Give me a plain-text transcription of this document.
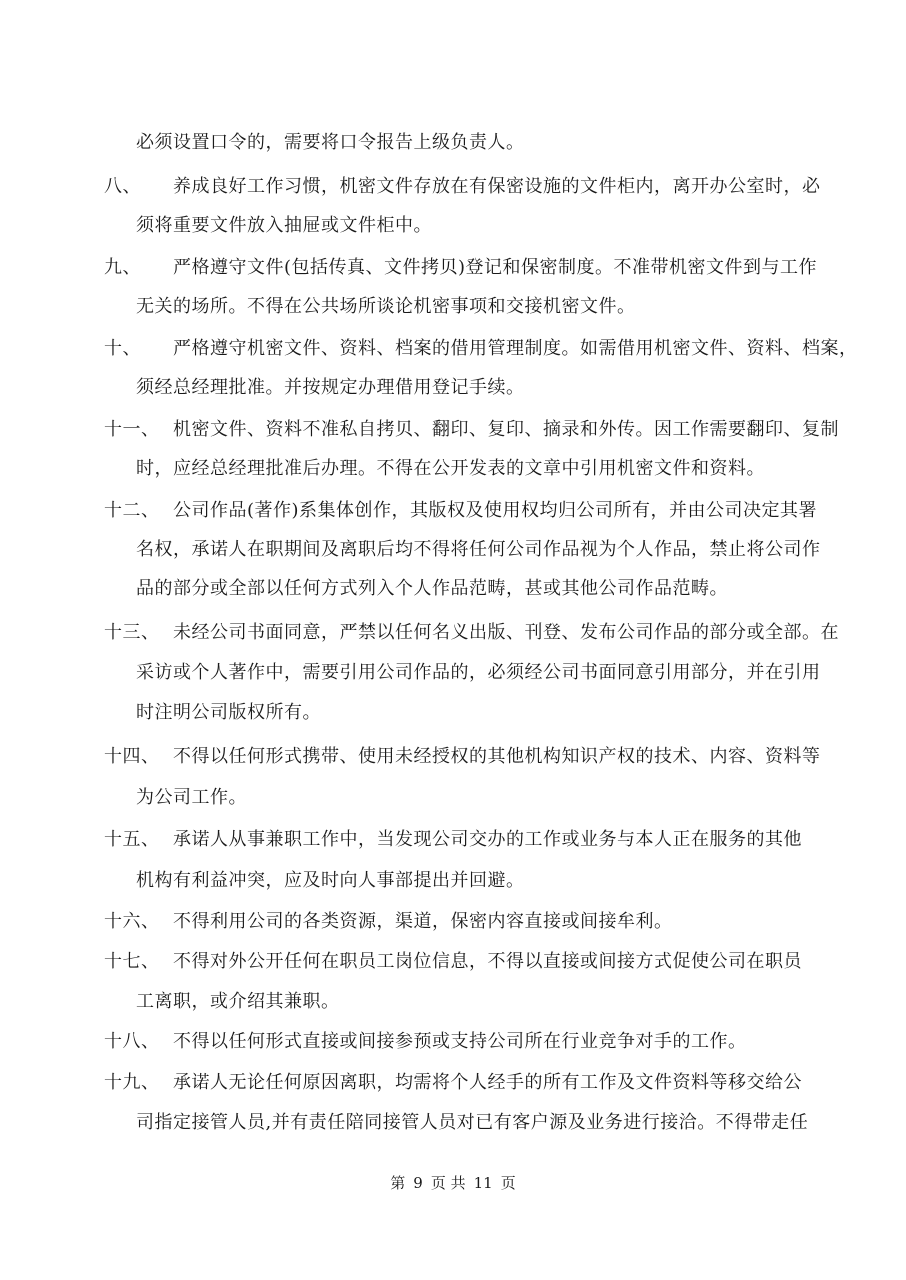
必须设置口令的，需要将口令报告上级负责人。
八、 养成良好工作习惯，机密文件存放在有保密设施的文件柜内，离开办公室时，必
须将重要文件放入抽屉或文件柜中。
九、 严格遵守文件(包括传真、文件拷贝)登记和保密制度。不准带机密文件到与工作
无关的场所。不得在公共场所谈论机密事项和交接机密文件。
十、 严格遵守机密文件、资料、档案的借用管理制度。如需借用机密文件、资料、档案，
须经总经理批准。并按规定办理借用登记手续。
十一、 机密文件、资料不准私自拷贝、翻印、复印、摘录和外传。因工作需要翻印、复制
时，应经总经理批准后办理。不得在公开发表的文章中引用机密文件和资料。
十二、 公司作品(著作)系集体创作，其版权及使用权均归公司所有，并由公司决定其署
名权，承诺人在职期间及离职后均不得将任何公司作品视为个人作品，禁止将公司作
品的部分或全部以任何方式列入个人作品范畴，甚或其他公司作品范畴。
十三、 未经公司书面同意，严禁以任何名义出版、刊登、发布公司作品的部分或全部。在
采访或个人著作中，需要引用公司作品的，必须经公司书面同意引用部分，并在引用
时注明公司版权所有。
十四、 不得以任何形式携带、使用未经授权的其他机构知识产权的技术、内容、资料等
为公司工作。
十五、 承诺人从事兼职工作中，当发现公司交办的工作或业务与本人正在服务的其他
机构有利益冲突，应及时向人事部提出并回避。
十六、 不得利用公司的各类资源，渠道，保密内容直接或间接牟利。
十七、 不得对外公开任何在职员工岗位信息，不得以直接或间接方式促使公司在职员
工离职，或介绍其兼职。
十八、 不得以任何形式直接或间接参预或支持公司所在行业竞争对手的工作。
十九、 承诺人无论任何原因离职，均需将个人经手的所有工作及文件资料等移交给公
司指定接管人员,并有责任陪同接管人员对已有客户源及业务进行接洽。不得带走任
第 9 页 共 11 页
